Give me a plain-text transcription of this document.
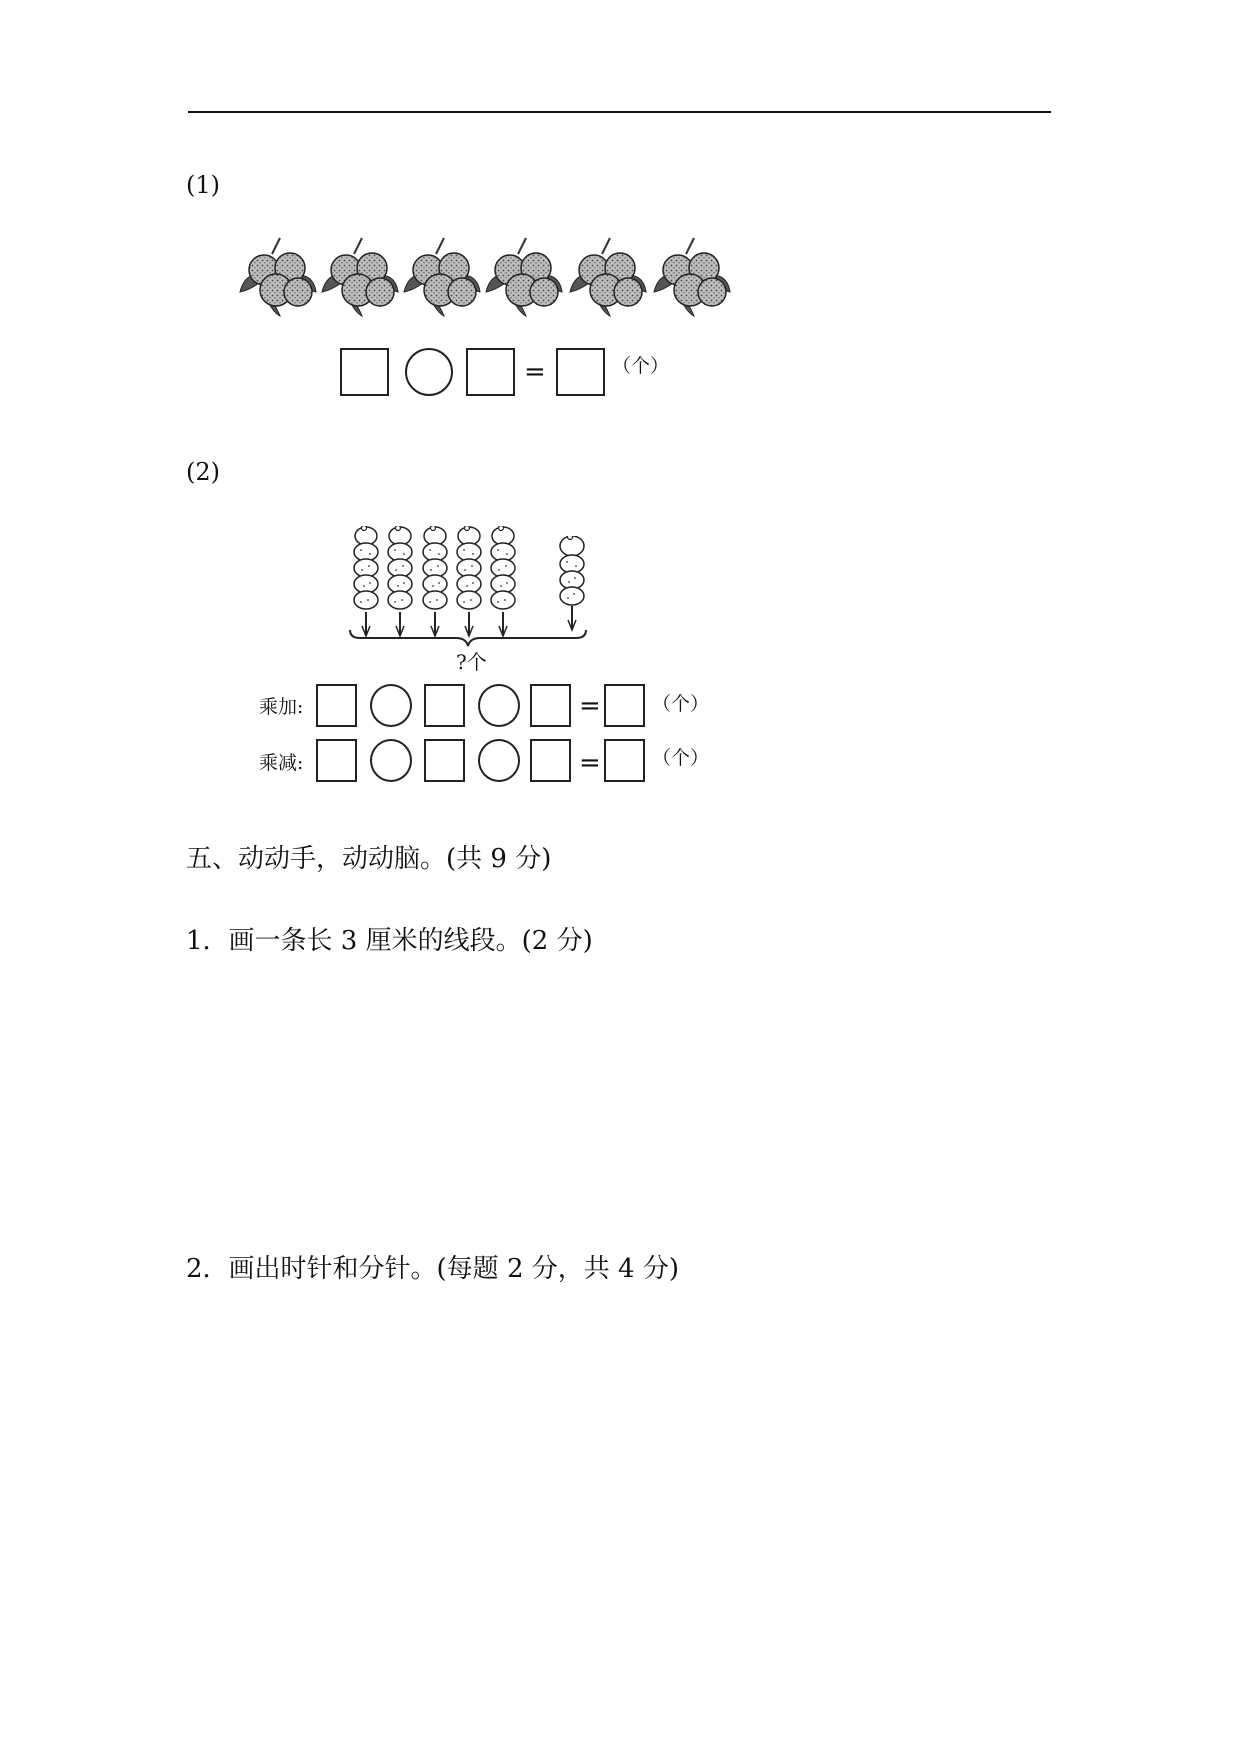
(1)
=	（个）
(2)
?个
乘加:	=	（个）
乘减:	=	（个）
五、动动手，动动脑。(共 9 分)
1．画一条长 3 厘米的线段。(2 分)
2．画出时针和分针。(每题 2 分，共 4 分)
